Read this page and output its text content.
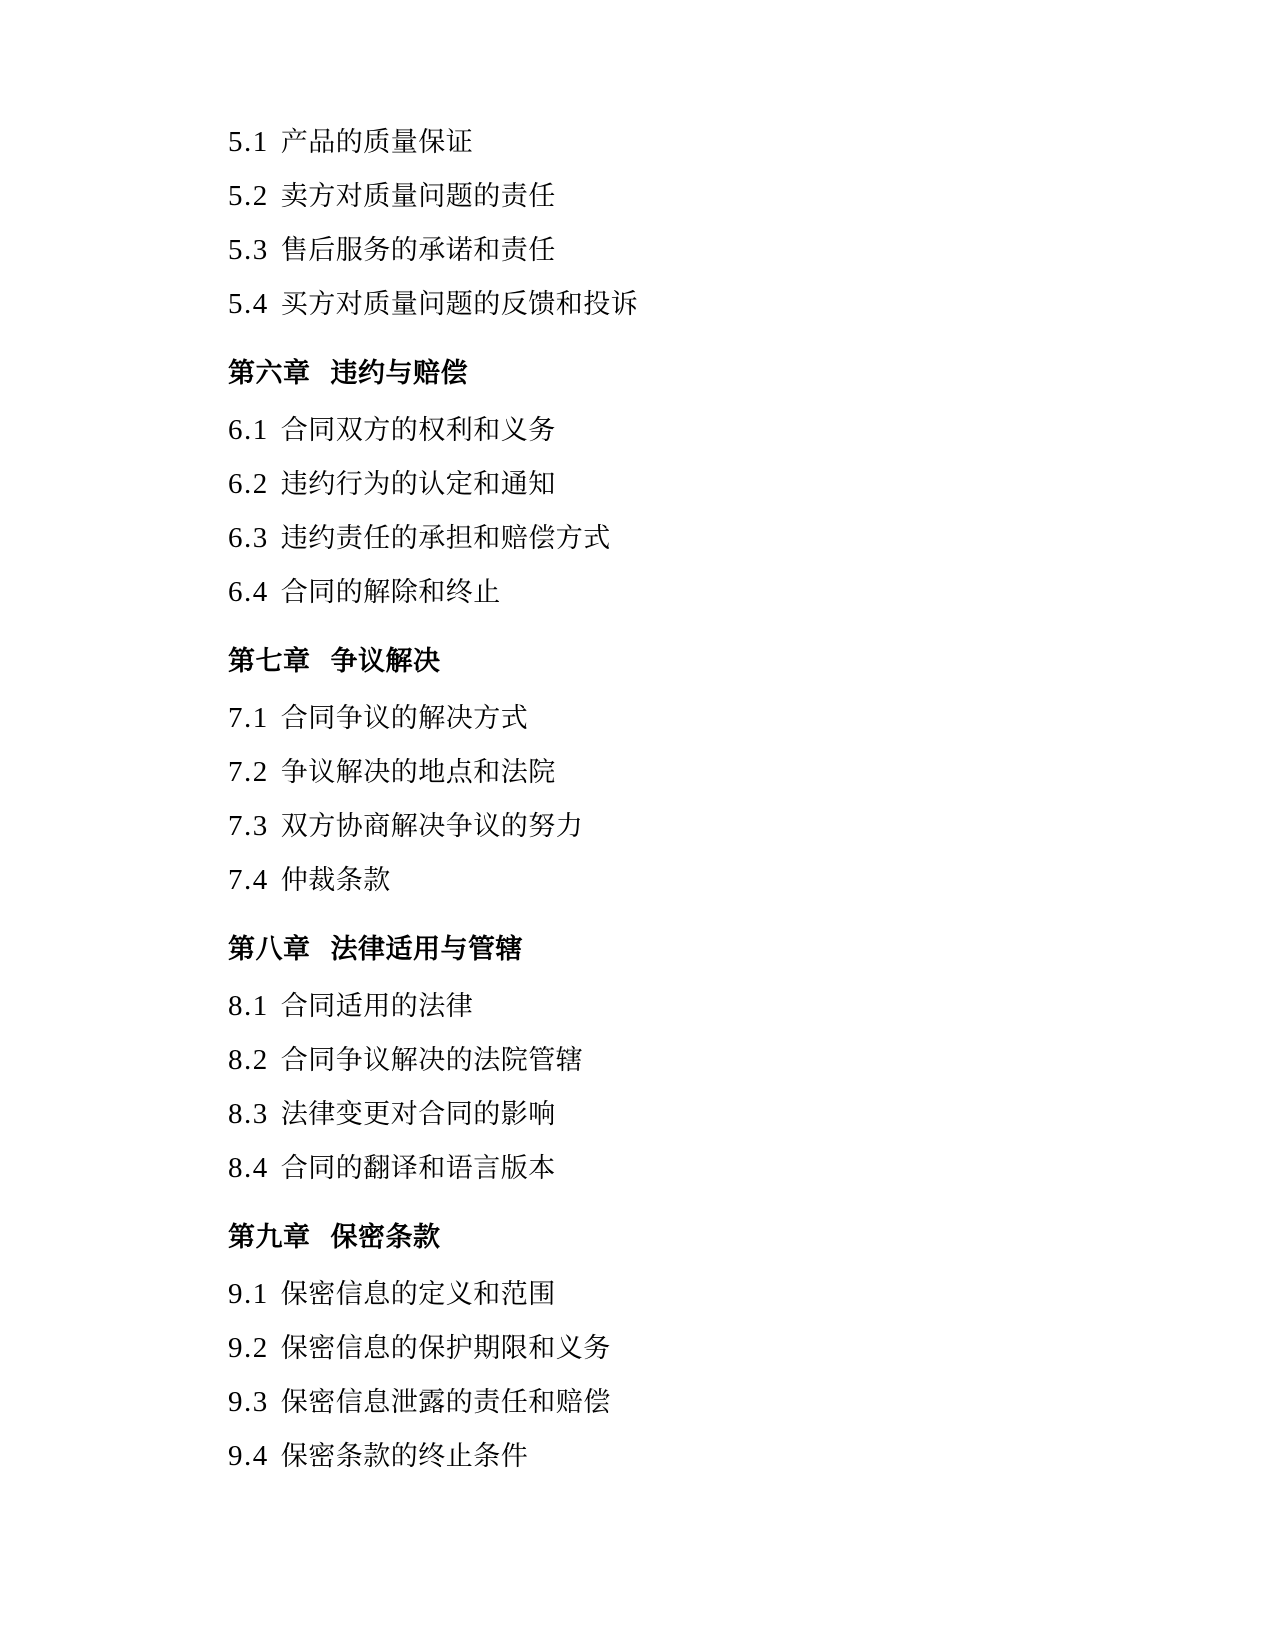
5.1 产品的质量保证
5.2 卖方对质量问题的责任
5.3 售后服务的承诺和责任
5.4 买方对质量问题的反馈和投诉
第六章 违约与赔偿
6.1 合同双方的权利和义务
6.2 违约行为的认定和通知
6.3 违约责任的承担和赔偿方式
6.4 合同的解除和终止
第七章 争议解决
7.1 合同争议的解决方式
7.2 争议解决的地点和法院
7.3 双方协商解决争议的努力
7.4 仲裁条款
第八章 法律适用与管辖
8.1 合同适用的法律
8.2 合同争议解决的法院管辖
8.3 法律变更对合同的影响
8.4 合同的翻译和语言版本
第九章 保密条款
9.1 保密信息的定义和范围
9.2 保密信息的保护期限和义务
9.3 保密信息泄露的责任和赔偿
9.4 保密条款的终止条件
